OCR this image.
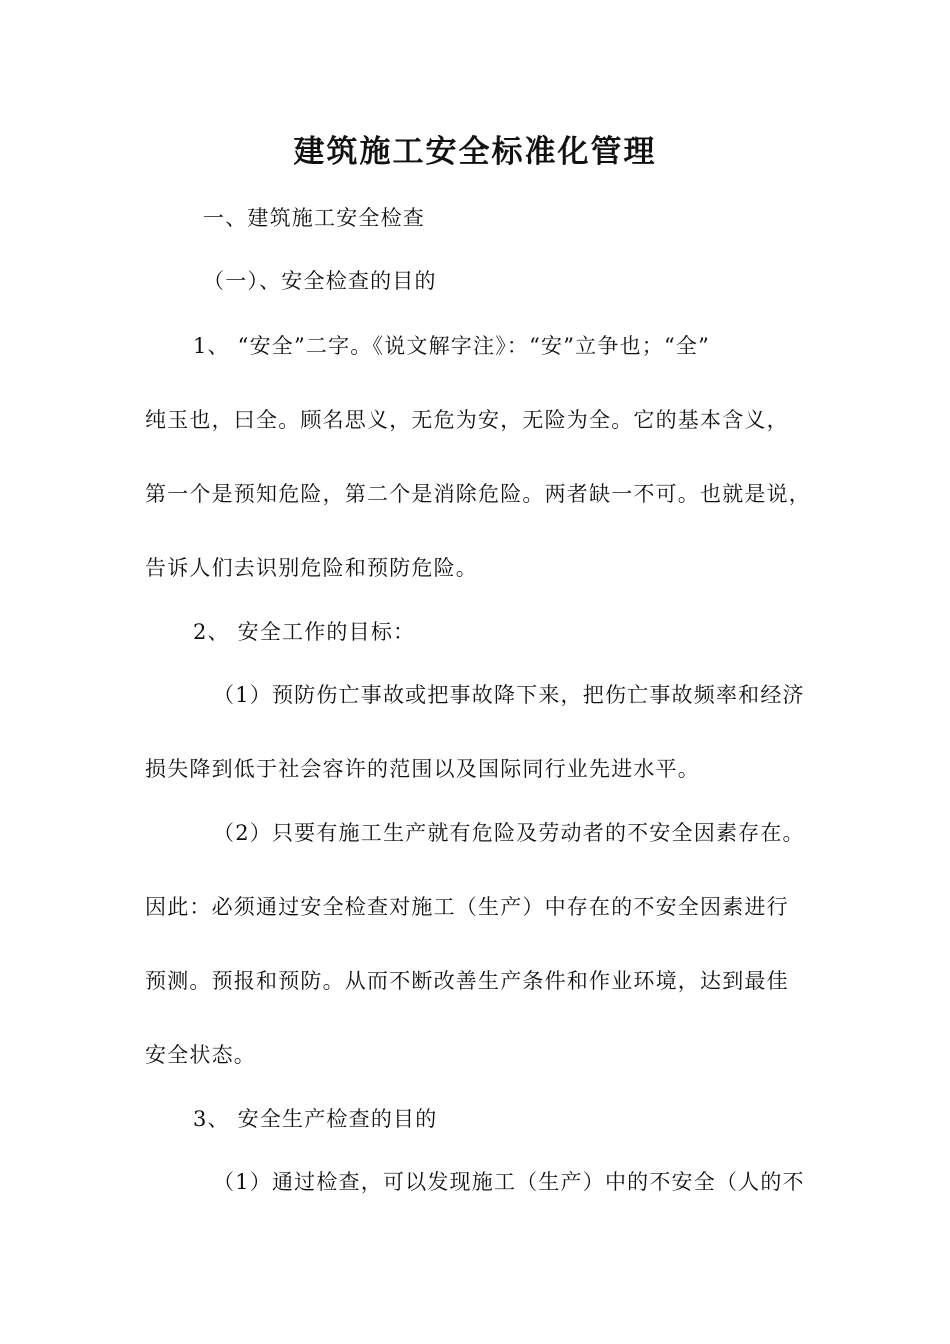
建筑施工安全标准化管理
一、建筑施工安全检查
（一）、安全检查的目的
1、 “安全”二字。《说文解字注》：“安”立争也；“全”
纯玉也，曰全。顾名思义，无危为安，无险为全。它的基本含义，
第一个是预知危险，第二个是消除危险。两者缺一不可。也就是说，
告诉人们去识别危险和预防危险。
2、 安全工作的目标：
（1）预防伤亡事故或把事故降下来，把伤亡事故频率和经济
损失降到低于社会容许的范围以及国际同行业先进水平。
（2）只要有施工生产就有危险及劳动者的不安全因素存在。
因此：必须通过安全检查对施工（生产）中存在的不安全因素进行
预测。预报和预防。从而不断改善生产条件和作业环境，达到最佳
安全状态。
3、 安全生产检查的目的
（1）通过检查，可以发现施工（生产）中的不安全（人的不
